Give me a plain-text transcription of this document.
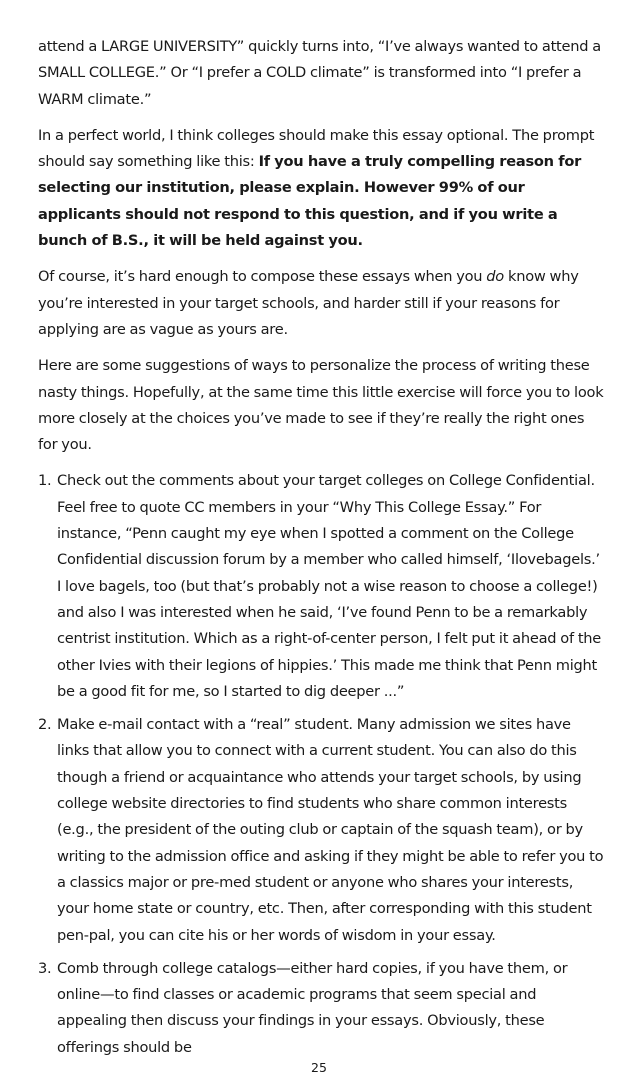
attend a LARGE UNIVERSITY” quickly turns into, “I’ve always wanted to attend a SMALL COLLEGE.” Or “I prefer a COLD climate” is transformed into “I prefer a WARM climate.”

In a perfect world, I think colleges should make this essay optional. The prompt should say something like this: If you have a truly compelling reason for selecting our institution, please explain. However 99% of our applicants should not respond to this question, and if you write a bunch of B.S., it will be held against you.

Of course, it’s hard enough to compose these essays when you do know why you’re interested in your target schools, and harder still if your reasons for applying are as vague as yours are.

Here are some suggestions of ways to personalize the process of writing these nasty things. Hopefully, at the same time this little exercise will force you to look more closely at the choices you’ve made to see if they’re really the right ones for you.

1. Check out the comments about your target colleges on College Confidential. Feel free to quote CC members in your “Why This College Essay.” For instance, “Penn caught my eye when I spotted a comment on the College Confidential discussion forum by a member who called himself, ‘Ilovebagels.’ I love bagels, too (but that’s probably not a wise reason to choose a college!) and also I was interested when he said, ‘I’ve found Penn to be a remarkably centrist institution. Which as a right-of-center person, I felt put it ahead of the other Ivies with their legions of hippies.’ This made me think that Penn might be a good fit for me, so I started to dig deeper ...”
2. Make e-mail contact with a “real” student. Many admission we sites have links that allow you to connect with a current student. You can also do this though a friend or acquaintance who attends your target schools, by using college website directories to find students who share common interests (e.g., the president of the outing club or captain of the squash team), or by writing to the admission office and asking if they might be able to refer you to a classics major or pre-med student or anyone who shares your interests, your home state or country, etc. Then, after corresponding with this student pen-pal, you can cite his or her words of wisdom in your essay.
3. Comb through college catalogs—either hard copies, if you have them, or online—to find classes or academic programs that seem special and appealing then discuss your findings in your essays. Obviously, these offerings should be
25
